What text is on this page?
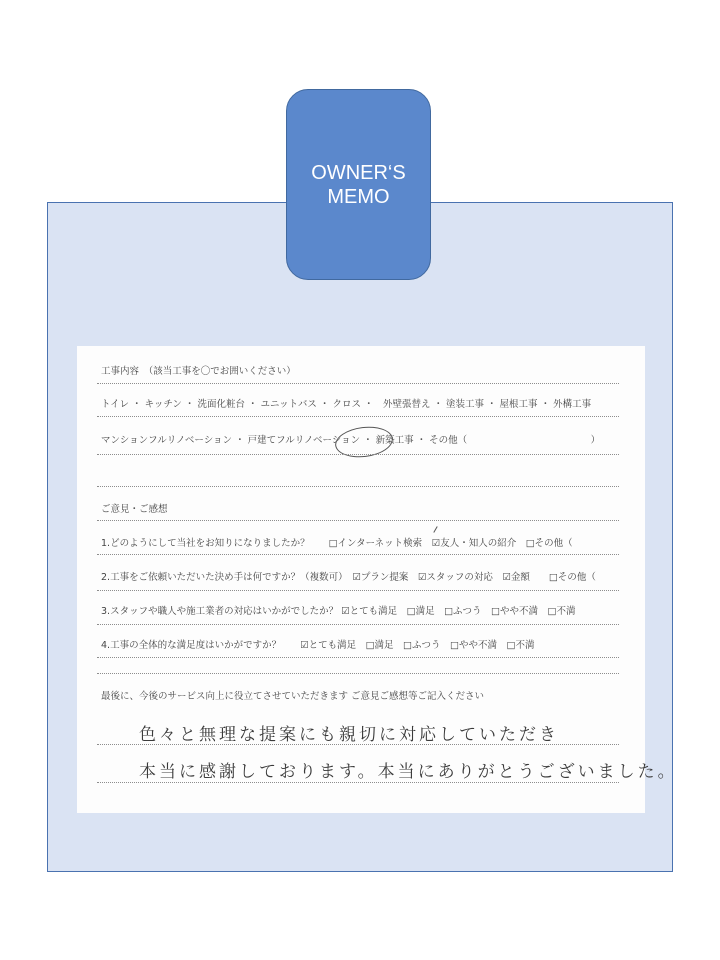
OWNER‘S
MEMO
工事内容　（該当工事を〇でお囲いください）
トイレ ・ キッチン ・ 洗面化粧台 ・ ユニットバス ・ クロス ・　外壁張替え ・ 塗装工事 ・ 屋根工事 ・ 外構工事
マンションフルリノベーション ・ 戸建てフルリノベーション ・ 新築工事 ・ その他（　　　　　　　　　　　　　）
ご意見・ご感想
1.どのようにして当社をお知りになりましたか？　　□インターネット検索　☑友人・知人の紹介　□その他（
2.工事をご依頼いただいた決め手は何ですか？（複数可）　☑プラン提案　☑スタッフの対応　☑金額　　□その他（
3.スタッフや職人や施工業者の対応はいかがでしたか？ ☑とても満足　□満足　□ふつう　□やや不満　□不満
4.工事の全体的な満足度はいかがですか？　　☑とても満足　□満足　□ふつう　□やや不満　□不満
最後に、今後のサービス向上に役立てさせていただきます ご意見ご感想等ご記入ください
色々と無理な提案にも親切に対応していただき
本当に感謝しております。本当にありがとうございました。
